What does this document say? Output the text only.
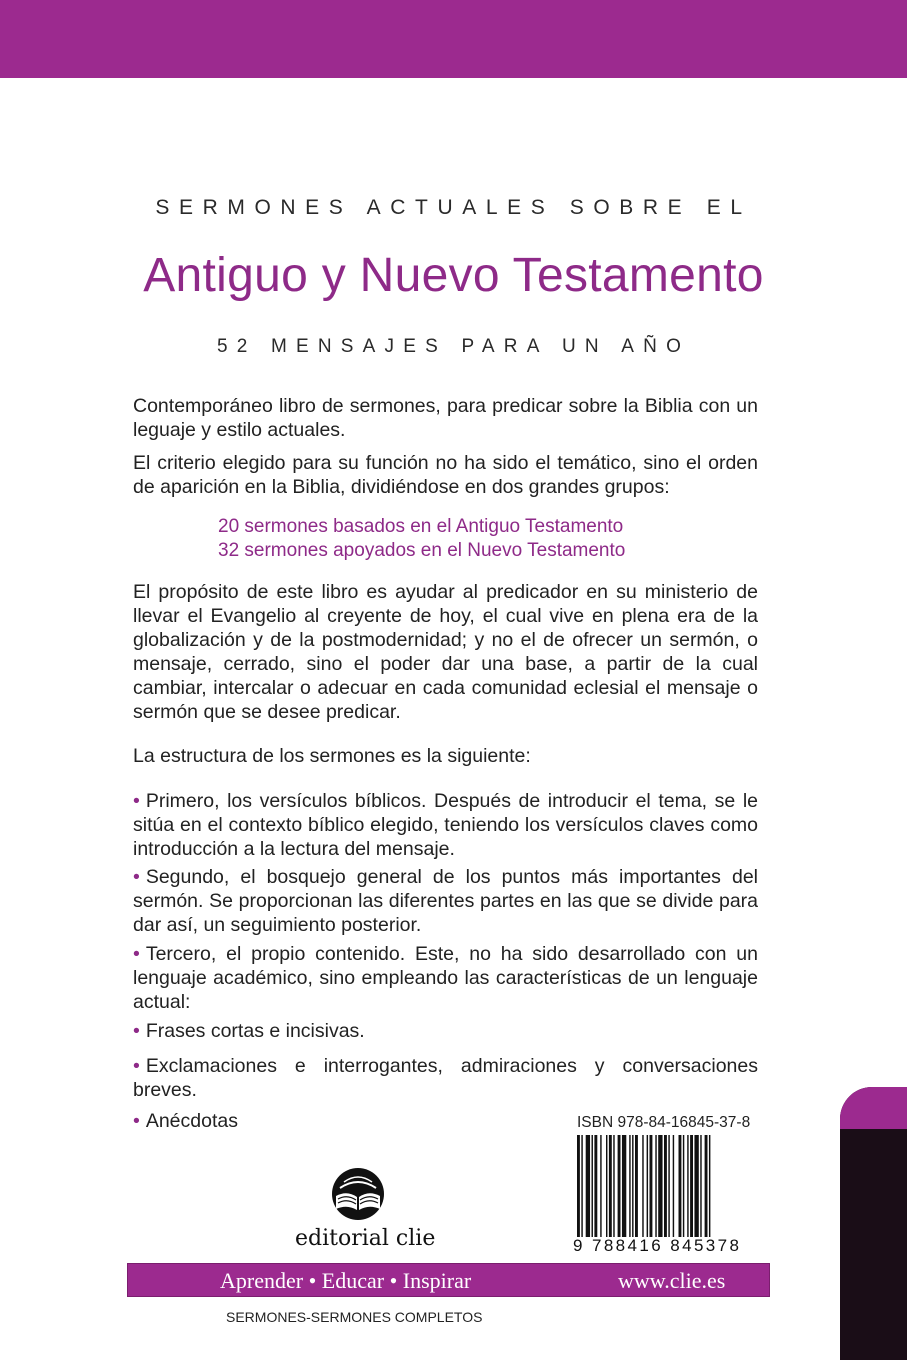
SERMONES ACTUALES SOBRE EL
Antiguo y Nuevo Testamento
52 MENSAJES PARA UN AÑO
Contemporáneo libro de sermones, para predicar sobre la Biblia con un leguaje y estilo actuales.
El criterio elegido para su función no ha sido el temático, sino el orden de aparición en la Biblia, dividiéndose en dos grandes grupos:
20 sermones basados en el Antiguo Testamento
32 sermones apoyados en el Nuevo Testamento
El propósito de este libro es ayudar al predicador en su ministerio de llevar el Evangelio al creyente de hoy, el cual vive en plena era de la globalización y de la postmodernidad; y no el de ofrecer un sermón, o mensaje, cerrado, sino el poder dar una base, a partir de la cual cambiar, intercalar o adecuar en cada comunidad eclesial el mensaje o sermón que se desee predicar.
La estructura de los sermones es la siguiente:
• Primero, los versículos bíblicos. Después de introducir el tema, se le sitúa en el contexto bíblico elegido, teniendo los versículos claves como introducción a la lectura del mensaje.
• Segundo, el bosquejo general de los puntos más importantes del sermón. Se proporcionan las diferentes partes en las que se divide para dar así, un seguimiento posterior.
• Tercero, el propio contenido. Este, no ha sido desarrollado con un lenguaje académico, sino empleando las características de un lenguaje actual:
• Frases cortas e incisivas.
• Exclamaciones e interrogantes, admiraciones y conversaciones breves.
• Anécdotas	ISBN 978-84-16845-37-8
9 788416 845378
editorial clie
Aprender • Educar • Inspirar	www.clie.es
SERMONES-SERMONES COMPLETOS
